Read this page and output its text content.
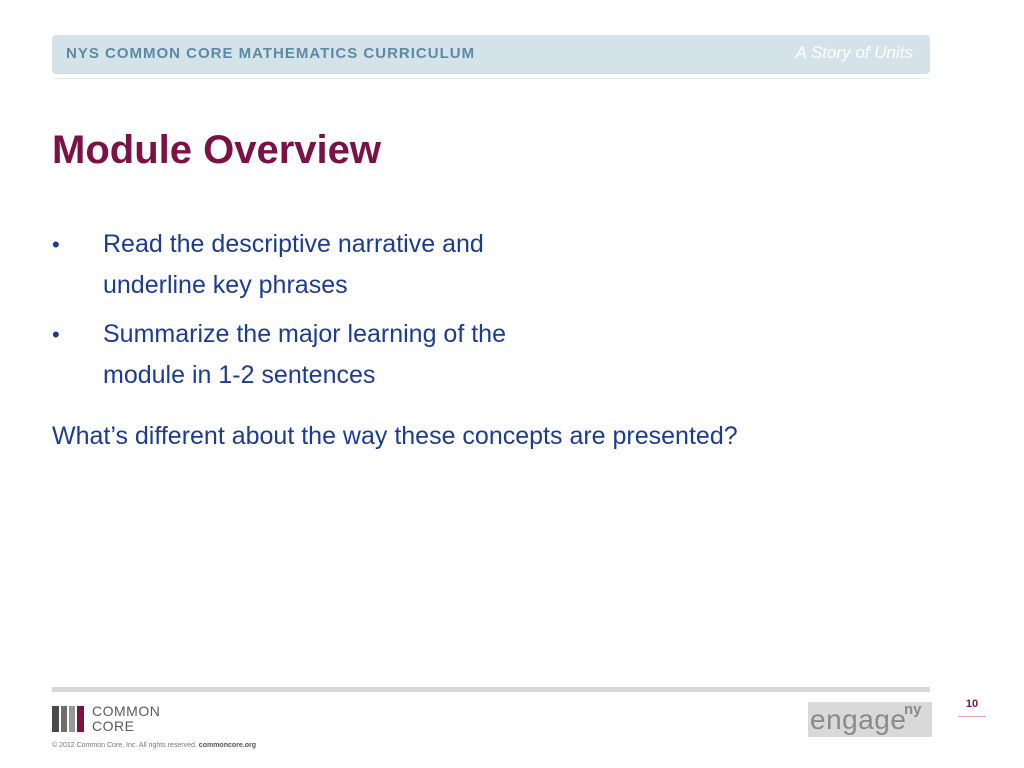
NYS COMMON CORE MATHEMATICS CURRICULUM	A Story of Units
Module Overview
•	Read the descriptive narrative and underline key phrases
•	Summarize the major learning of the module in 1-2 sentences
What’s different about the way these concepts are presented?
COMMON
CORE
© 2012 Common Core, Inc. All rights reserved. commoncore.org
engage
ny	10
